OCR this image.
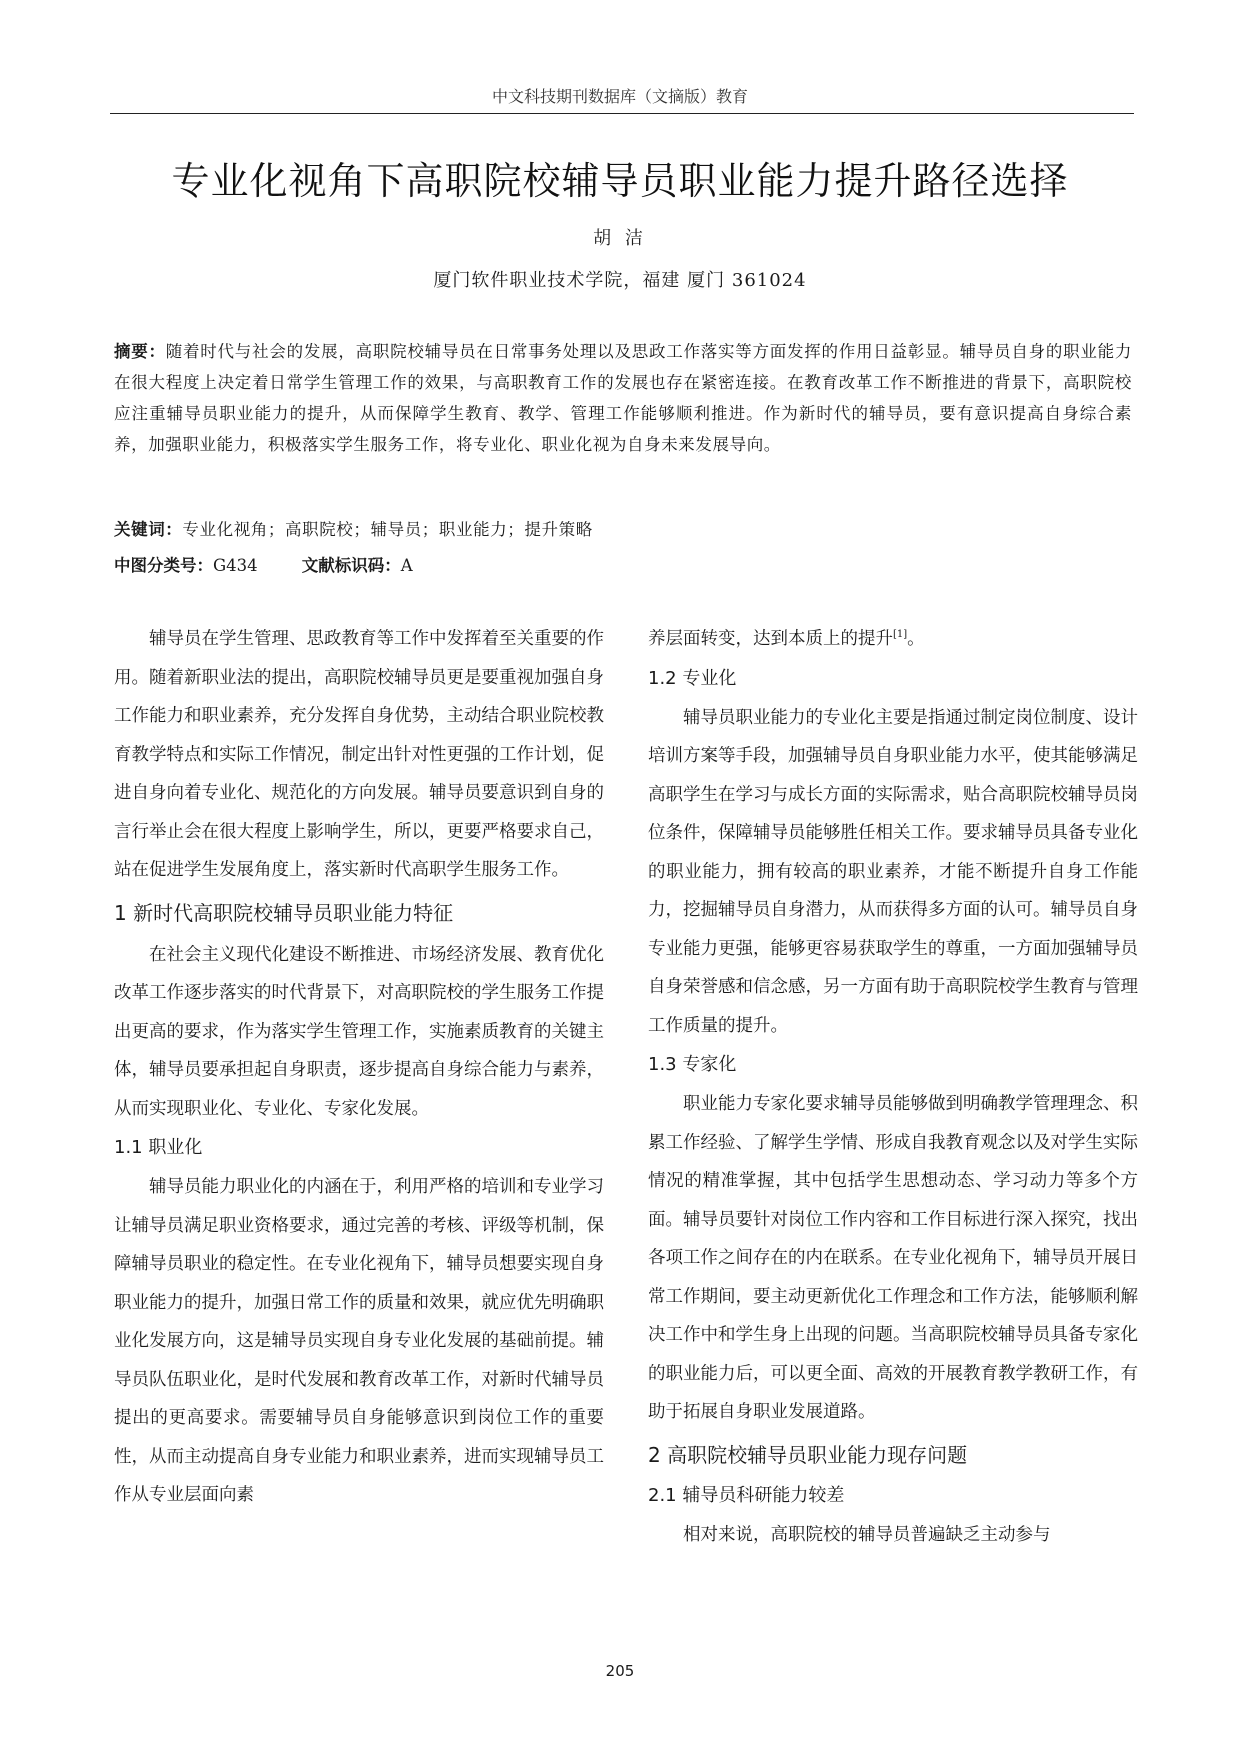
中文科技期刊数据库（文摘版）教育
专业化视角下高职院校辅导员职业能力提升路径选择
胡 洁
厦门软件职业技术学院，福建 厦门 361024
摘要：随着时代与社会的发展，高职院校辅导员在日常事务处理以及思政工作落实等方面发挥的作用日益彰显。辅导员自身的职业能力在很大程度上决定着日常学生管理工作的效果，与高职教育工作的发展也存在紧密连接。在教育改革工作不断推进的背景下，高职院校应注重辅导员职业能力的提升，从而保障学生教育、教学、管理工作能够顺利推进。作为新时代的辅导员，要有意识提高自身综合素养，加强职业能力，积极落实学生服务工作，将专业化、职业化视为自身未来发展导向。
关键词：专业化视角；高职院校；辅导员；职业能力；提升策略
中图分类号：G434	文献标识码：A

辅导员在学生管理、思政教育等工作中发挥着至关重要的作用。随着新职业法的提出，高职院校辅导员更是要重视加强自身工作能力和职业素养，充分发挥自身优势，主动结合职业院校教育教学特点和实际工作情况，制定出针对性更强的工作计划，促进自身向着专业化、规范化的方向发展。辅导员要意识到自身的言行举止会在很大程度上影响学生，所以，更要严格要求自己，站在促进学生发展角度上，落实新时代高职学生服务工作。

1 新时代高职院校辅导员职业能力特征

在社会主义现代化建设不断推进、市场经济发展、教育优化改革工作逐步落实的时代背景下，对高职院校的学生服务工作提出更高的要求，作为落实学生管理工作，实施素质教育的关键主体，辅导员要承担起自身职责，逐步提高自身综合能力与素养，从而实现职业化、专业化、专家化发展。

1.1 职业化

辅导员能力职业化的内涵在于，利用严格的培训和专业学习让辅导员满足职业资格要求，通过完善的考核、评级等机制，保障辅导员职业的稳定性。在专业化视角下，辅导员想要实现自身职业能力的提升，加强日常工作的质量和效果，就应优先明确职业化发展方向，这是辅导员实现自身专业化发展的基础前提。辅导员队伍职业化，是时代发展和教育改革工作，对新时代辅导员提出的更高要求。需要辅导员自身能够意识到岗位工作的重要性，从而主动提高自身专业能力和职业素养，进而实现辅导员工作从专业层面向素

养层面转变，达到本质上的提升[1]。

1.2 专业化

辅导员职业能力的专业化主要是指通过制定岗位制度、设计培训方案等手段，加强辅导员自身职业能力水平，使其能够满足高职学生在学习与成长方面的实际需求，贴合高职院校辅导员岗位条件，保障辅导员能够胜任相关工作。要求辅导员具备专业化的职业能力，拥有较高的职业素养，才能不断提升自身工作能力，挖掘辅导员自身潜力，从而获得多方面的认可。辅导员自身专业能力更强，能够更容易获取学生的尊重，一方面加强辅导员自身荣誉感和信念感，另一方面有助于高职院校学生教育与管理工作质量的提升。

1.3 专家化

职业能力专家化要求辅导员能够做到明确教学管理理念、积累工作经验、了解学生学情、形成自我教育观念以及对学生实际情况的精准掌握，其中包括学生思想动态、学习动力等多个方面。辅导员要针对岗位工作内容和工作目标进行深入探究，找出各项工作之间存在的内在联系。在专业化视角下，辅导员开展日常工作期间，要主动更新优化工作理念和工作方法，能够顺利解决工作中和学生身上出现的问题。当高职院校辅导员具备专家化的职业能力后，可以更全面、高效的开展教育教学教研工作，有助于拓展自身职业发展道路。

2 高职院校辅导员职业能力现存问题
2.1 辅导员科研能力较差

相对来说，高职院校的辅导员普遍缺乏主动参与

205
